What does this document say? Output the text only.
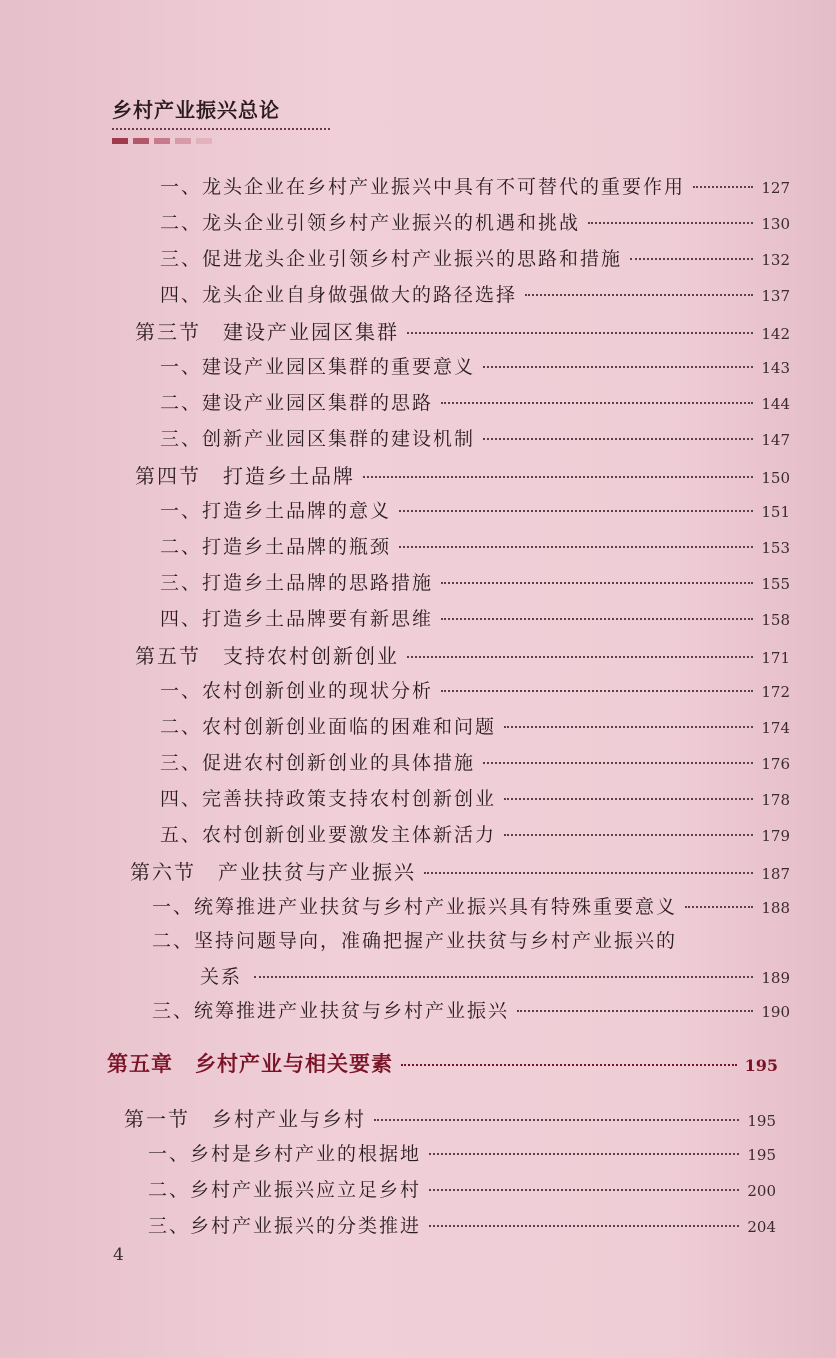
乡村产业振兴总论
一、龙头企业在乡村产业振兴中具有不可替代的重要作用	127
二、龙头企业引领乡村产业振兴的机遇和挑战	130
三、促进龙头企业引领乡村产业振兴的思路和措施	132
四、龙头企业自身做强做大的路径选择	137
第三节　建设产业园区集群	142
一、建设产业园区集群的重要意义	143
二、建设产业园区集群的思路	144
三、创新产业园区集群的建设机制	147
第四节　打造乡土品牌	150
一、打造乡土品牌的意义	151
二、打造乡土品牌的瓶颈	153
三、打造乡土品牌的思路措施	155
四、打造乡土品牌要有新思维	158
第五节　支持农村创新创业	171
一、农村创新创业的现状分析	172
二、农村创新创业面临的困难和问题	174
三、促进农村创新创业的具体措施	176
四、完善扶持政策支持农村创新创业	178
五、农村创新创业要激发主体新活力	179
第六节　产业扶贫与产业振兴	187
一、统筹推进产业扶贫与乡村产业振兴具有特殊重要意义	188
二、坚持问题导向，准确把握产业扶贫与乡村产业振兴的
关系	189
三、统筹推进产业扶贫与乡村产业振兴	190
第五章　乡村产业与相关要素	195
第一节　乡村产业与乡村	195
一、乡村是乡村产业的根据地	195
二、乡村产业振兴应立足乡村	200
三、乡村产业振兴的分类推进	204
4
